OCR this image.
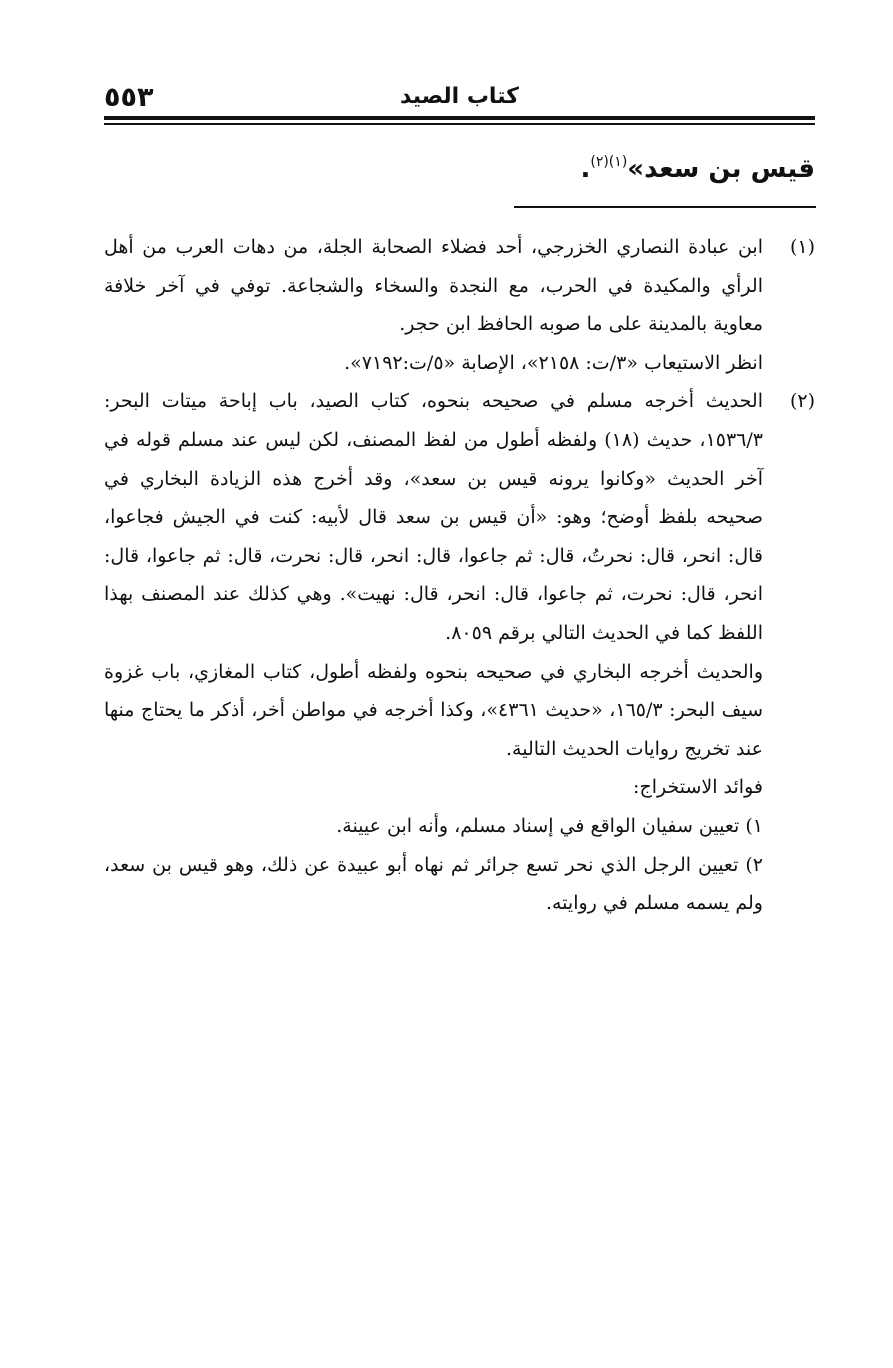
٥٥٣	كتاب الصيد
قيس بن سعد»$^{(١)(٢)}$.
(١)

ابن عبادة النصاري الخزرجي، أحد فضلاء الصحابة الجلة، من دهات العرب من أهل الرأي والمكيدة في الحرب، مع النجدة والسخاء والشجاعة. توفي في آخر خلافة معاوية بالمدينة على ما صوبه الحافظ ابن حجر.

انظر الاستيعاب «٣/ت: ٢١٥٨»، الإصابة «٥/ت:٧١٩٢».

(٢)

الحديث أخرجه مسلم في صحيحه بنحوه، كتاب الصيد، باب إباحة ميتات البحر: ١٥٣٦/٣، حديث (١٨) ولفظه أطول من لفظ المصنف، لكن ليس عند مسلم قوله في آخر الحديث «وكانوا يرونه قيس بن سعد»، وقد أخرج هذه الزيادة البخاري في صحيحه بلفظ أوضح؛ وهو: «أن قيس بن سعد قال لأبيه: كنت في الجيش فجاعوا، قال: انحر، قال: نحرتُ، قال: ثم جاعوا، قال: انحر، قال: نحرت، قال: ثم جاعوا، قال: انحر، قال: نحرت، ثم جاعوا، قال: انحر، قال: نهيت». وهي كذلك عند المصنف بهذا اللفظ كما في الحديث التالي برقم ٨٠٥٩.

والحديث أخرجه البخاري في صحيحه بنحوه ولفظه أطول، كتاب المغازي، باب غزوة سيف البحر: ١٦٥/٣، «حديث ٤٣٦١»، وكذا أخرجه في مواطن أخر، أذكر ما يحتاج منها عند تخريج روايات الحديث التالية.

فوائد الاستخراج:

١) تعيين سفيان الواقع في إسناد مسلم، وأنه ابن عيينة.

٢) تعيين الرجل الذي نحر تسع جرائر ثم نهاه أبو عبيدة عن ذلك، وهو قيس بن سعد، ولم يسمه مسلم في روايته.
